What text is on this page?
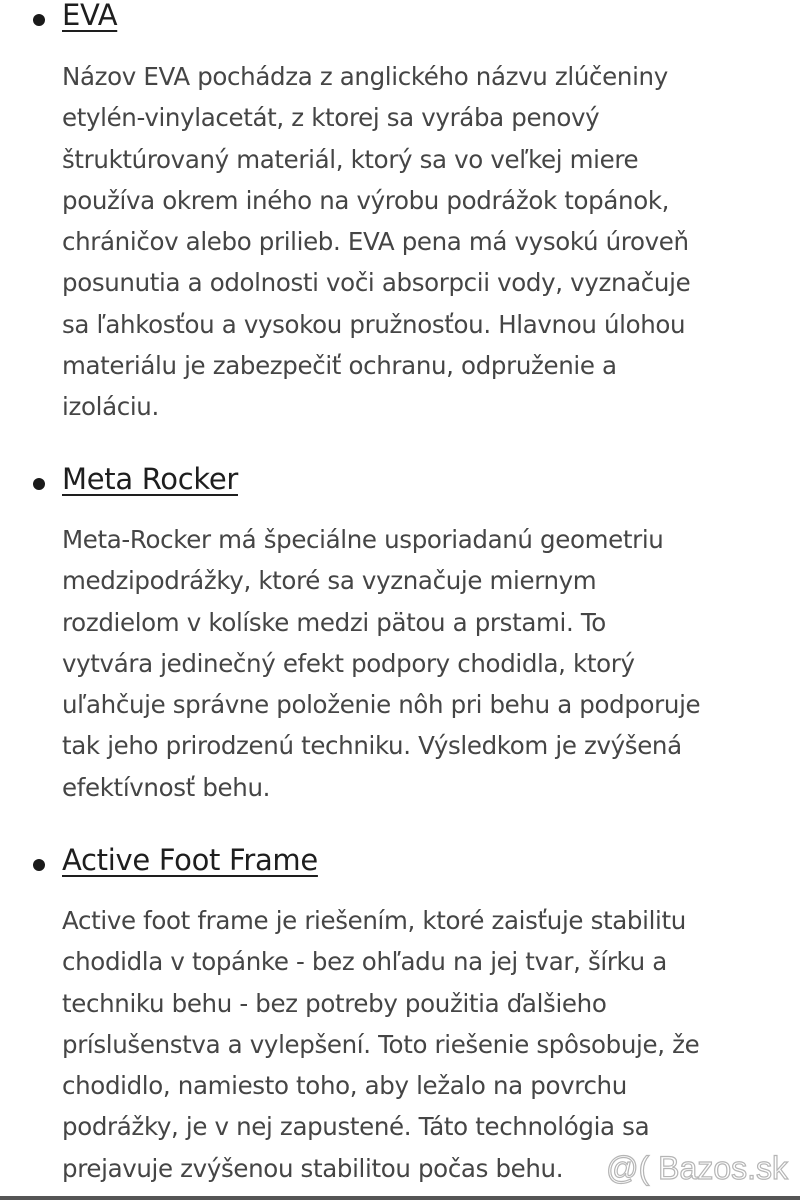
EVA
Názov EVA pochádza z anglického názvu zlúčeniny
etylén-vinylacetát, z ktorej sa vyrába penový
štruktúrovaný materiál, ktorý sa vo veľkej miere
používa okrem iného na výrobu podrážok topánok,
chráničov alebo prilieb. EVA pena má vysokú úroveň
posunutia a odolnosti voči absorpcii vody, vyznačuje
sa ľahkosťou a vysokou pružnosťou. Hlavnou úlohou
materiálu je zabezpečiť ochranu, odpruženie a
izoláciu.
Meta Rocker
Meta-Rocker má špeciálne usporiadanú geometriu
medzipodrážky, ktoré sa vyznačuje miernym
rozdielom v kolíske medzi pätou a prstami. To
vytvára jedinečný efekt podpory chodidla, ktorý
uľahčuje správne položenie nôh pri behu a podporuje
tak jeho prirodzenú techniku. Výsledkom je zvýšená
efektívnosť behu.
Active Foot Frame
Active foot frame je riešením, ktoré zaisťuje stabilitu
chodidla v topánke - bez ohľadu na jej tvar, šírku a
techniku behu - bez potreby použitia ďalšieho
príslušenstva a vylepšení. Toto riešenie spôsobuje, že
chodidlo, namiesto toho, aby ležalo na povrchu
podrážky, je v nej zapustené. Táto technológia sa
prejavuje zvýšenou stabilitou počas behu.	@( Bazos.sk
